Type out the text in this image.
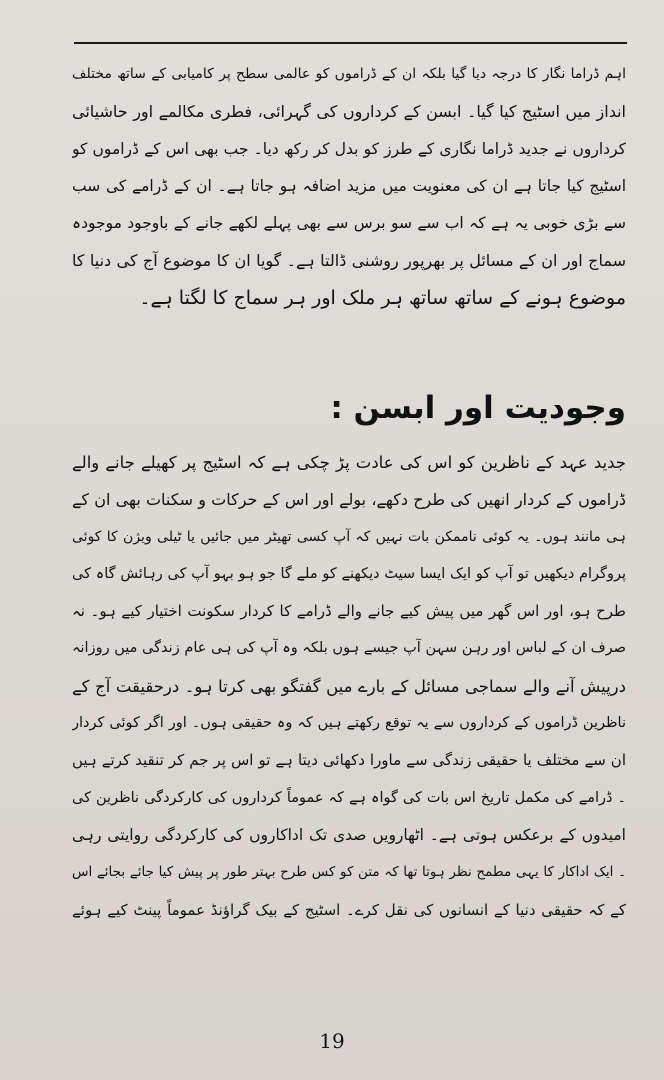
اہم ڈراما نگار کا درجہ دیا گیا بلکہ ان کے ڈراموں کو عالمی سطح پر کامیابی کے ساتھ مختلف
انداز میں اسٹیج کیا گیا۔ ابسن کے کرداروں کی گہرائی، فطری مکالمے اور حاشیائی
کرداروں نے جدید ڈراما نگاری کے طرز کو بدل کر رکھ دیا۔ جب بھی اس کے ڈراموں کو
اسٹیج کیا جاتا ہے ان کی معنویت میں مزید اضافہ ہو جاتا ہے۔ ان کے ڈرامے کی سب
سے بڑی خوبی یہ ہے کہ اب سے سو برس سے بھی پہلے لکھے جانے کے باوجود موجودہ
سماج اور ان کے مسائل پر بھرپور روشنی ڈالتا ہے۔ گویا ان کا موضوع آج کی دنیا کا
موضوع ہونے کے ساتھ ساتھ ہر ملک اور ہر سماج کا لگتا ہے۔
وجودیت اور ابسن :
جدید عہد کے ناظرین کو اس کی عادت پڑ چکی ہے کہ اسٹیج پر کھیلے جانے والے
ڈراموں کے کردار انھیں کی طرح دکھے، بولے اور اس کے حرکات و سکنات بھی ان کے
ہی مانند ہوں۔ یہ کوئی ناممکن بات نہیں کہ آپ کسی تھیٹر میں جائیں یا ٹیلی ویژن کا کوئی
پروگرام دیکھیں تو آپ کو ایک ایسا سیٹ دیکھنے کو ملے گا جو ہو بہو آپ کی رہائش گاہ کی
طرح ہو، اور اس گھر میں پیش کیے جانے والے ڈرامے کا کردار سکونت اختیار کیے ہو۔ نہ
صرف ان کے لباس اور رہن سہن آپ جیسے ہوں بلکہ وہ آپ کی ہی عام زندگی میں روزانہ
درپیش آنے والے سماجی مسائل کے بارے میں گفتگو بھی کرتا ہو۔ درحقیقت آج کے
ناظرین ڈراموں کے کرداروں سے یہ توقع رکھتے ہیں کہ وہ حقیقی ہوں۔ اور اگر کوئی کردار
ان سے مختلف یا حقیقی زندگی سے ماورا دکھائی دیتا ہے تو اس پر جم کر تنقید کرتے ہیں
۔ ڈرامے کی مکمل تاریخ اس بات کی گواہ ہے کہ عموماً کرداروں کی کارکردگی ناظرین کی
امیدوں کے برعکس ہوتی ہے۔ اٹھارویں صدی تک اداکاروں کی کارکردگی روایتی رہی
۔ ایک اداکار کا یہی مطمح نظر ہوتا تھا کہ متن کو کس طرح بہتر طور پر پیش کیا جائے بجائے اس
کے کہ حقیقی دنیا کے انسانوں کی نقل کرے۔ اسٹیج کے بیک گراؤنڈ عموماً پینٹ کیے ہوئے
19
